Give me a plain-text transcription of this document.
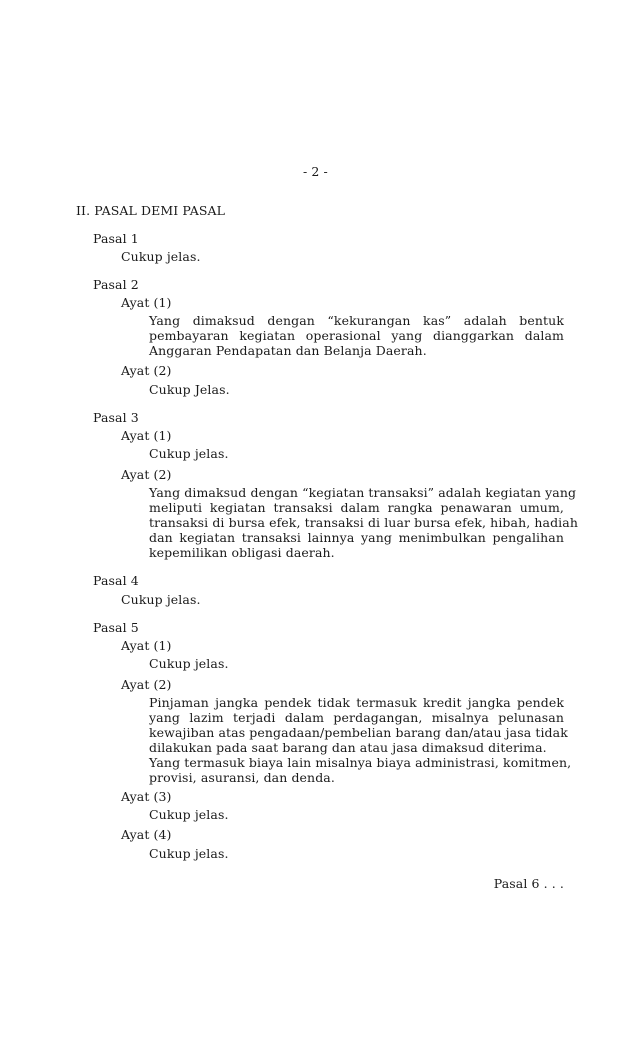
- 2 -
II. PASAL DEMI PASAL
Pasal 1
Cukup jelas.
Pasal 2
Ayat (1)
Yang dimaksud dengan “kekurangan kas” adalah bentuk
pembayaran kegiatan operasional yang dianggarkan dalam
Anggaran Pendapatan dan Belanja Daerah.
Ayat (2)
Cukup Jelas.
Pasal 3
Ayat (1)
Cukup jelas.
Ayat (2)
Yang dimaksud dengan “kegiatan transaksi” adalah kegiatan yang
meliputi kegiatan transaksi dalam rangka penawaran umum,
transaksi di bursa efek, transaksi di luar bursa efek, hibah, hadiah
dan kegiatan transaksi lainnya yang menimbulkan pengalihan
kepemilikan obligasi daerah.
Pasal 4
Cukup jelas.
Pasal 5
Ayat (1)
Cukup jelas.
Ayat (2)
Pinjaman jangka pendek tidak termasuk kredit jangka pendek
yang lazim terjadi dalam perdagangan, misalnya pelunasan
kewajiban atas pengadaan/pembelian barang dan/atau jasa tidak
dilakukan pada saat barang dan atau jasa dimaksud diterima.
Yang termasuk biaya lain misalnya biaya administrasi, komitmen,
provisi, asuransi, dan denda.
Ayat (3)
Cukup jelas.
Ayat (4)
Cukup jelas.
Pasal 6 . . .
